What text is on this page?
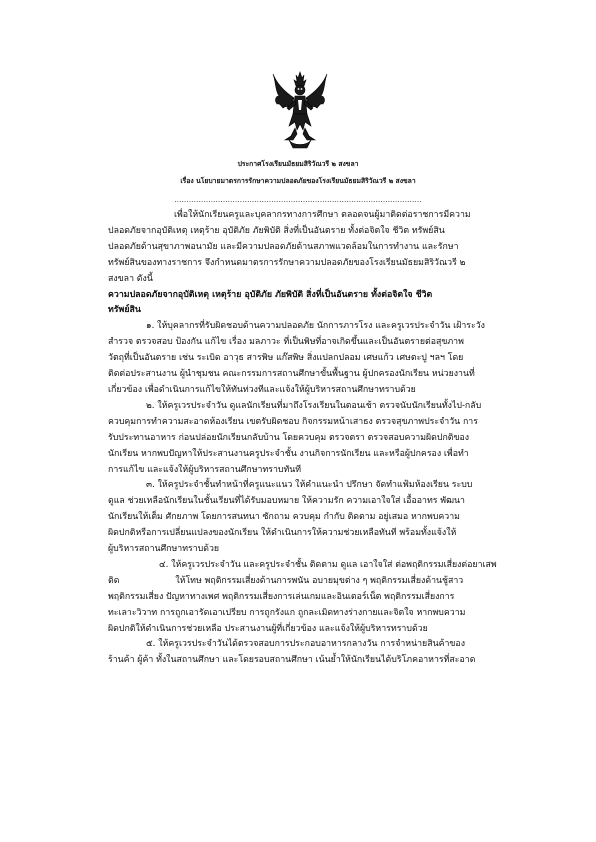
ประกาศโรงเรียนมัธยมสิริวัณวรี ๒ สงขลา
เรื่อง นโยบายมาตรการรักษาความปลอดภัยของโรงเรียนมัธยมสิริวัณวรี ๒ สงขลา
......................................................................................................
เพื่อให้นักเรียนครูและบุคลากรทางการศึกษา ตลอดจนผู้มาติดต่อราชการมีความ
ปลอดภัยจากอุบัติเหตุ เหตุร้าย อุบัติภัย ภัยพิบัติ สิ่งที่เป็นอันตราย ทั้งต่อจิตใจ ชีวิต ทรัพย์สิน
ปลอดภัยด้านสุขาภาพอนามัย และมีความปลอดภัยด้านสภาพแวดล้อมในการทำงาน และรักษา
ทรัพย์สินของทางราชการ จึงกำหนดมาตรการรักษาความปลอดภัยของโรงเรียนมัธยมสิริวัณวรี ๒
สงขลา ดังนี้
ความปลอดภัยจากอุบัติเหตุ เหตุร้าย อุบัติภัย ภัยพิบัติ สิ่งที่เป็นอันตราย ทั้งต่อจิตใจ ชีวิต
ทรัพย์สิน
๑. ให้บุคลากรที่รับผิดชอบด้านความปลอดภัย นักการภารโรง และครูเวรประจำวัน เฝ้าระวัง
สำรวจ ตรวจสอบ ป้องกัน แก้ไข เรื่อง มลภาวะ ที่เป็นพิษที่อาจเกิดขึ้นและเป็นอันตรายต่อสุขภาพ
วัตถุที่เป็นอันตราย เช่น ระเบิด อาวุธ สารพิษ แก๊สพิษ สิ่งแปลกปลอม เศษแก้ว เศษตะปู ฯลฯ โดย
ติดต่อประสานงาน ผู้นำชุมชน คณะกรรมการสถานศึกษาขั้นพื้นฐาน ผู้ปกครองนักเรียน หน่วยงานที่
เกี่ยวข้อง เพื่อดำเนินการแก้ไขให้ทันท่วงทีและแจ้งให้ผู้บริหารสถานศึกษาทราบด้วย
๒. ให้ครูเวรประจำวัน ดูแลนักเรียนที่มาถึงโรงเรียนในตอนเช้า ตรวจนับนักเรียนทั้งไป-กลับ
ควบคุมการทำความสะอาดห้องเรียน เขตรับผิดชอบ กิจกรรมหน้าเสาธง ตรวจสุขภาพประจำวัน การ
รับประทานอาหาร ก่อนปล่อยนักเรียนกลับบ้าน โดยควบคุม ตรวจตรา ตรวจสอบความผิดปกติของ
นักเรียน หากพบปัญหาให้ประสานงานครูประจำชั้น งานกิจการนักเรียน และหรือผู้ปกครอง เพื่อทำ
การแก้ไข และแจ้งให้ผู้บริหารสถานศึกษาทราบทันที
๓. ให้ครูประจำชั้นทำหน้าที่ครูแนะแนว ให้คำแนะนำ ปรึกษา จัดทำแฟ้มห้องเรียน ระบบ
ดูแล ช่วยเหลือนักเรียนในชั้นเรียนที่ได้รับมอบหมาย ให้ความรัก ความเอาใจใส่ เอื้ออาทร พัฒนา
นักเรียนให้เต็ม ศักยภาพ โดยการสนทนา ซักถาม ควบคุม กำกับ ติดตาม อยู่เสมอ หากพบความ
ผิดปกติหรือการเปลี่ยนแปลงของนักเรียน ให้ดำเนินการให้ความช่วยเหลือทันที พร้อมทั้งแจ้งให้
ผู้บริหารสถานศึกษาทราบด้วย
๔. ให้ครูเวรประจำวัน และครูประจำชั้น ติดตาม ดูแล เอาใจใส่ ต่อพฤติกรรมเสี่ยงต่อยาเสพ
ติด                    ให้โทษ พฤติกรรมเสี่ยงด้านการพนัน อบายมุขต่าง ๆ พฤติกรรมเสี่ยงด้านชู้สาว
พฤติกรรมเสี่ยง ปัญหาทางเพศ พฤติกรรมเสี่ยงการเล่นเกมและอินเตอร์เน็ต พฤติกรรมเสี่ยงการ
ทะเลาะวิวาท การถูกเอารัดเอาเปรียบ การถูกรังแก ถูกละเมิดทางร่างกายและจิตใจ หากพบความ
ผิดปกติให้ดำเนินการช่วยเหลือ ประสานงานผู้ที่เกี่ยวข้อง และแจ้งให้ผู้บริหารทราบด้วย
๕. ให้ครูเวรประจำวันได้ตรวจสอบการประกอบอาหารกลางวัน การจำหน่ายสินค้าของ
ร้านค้า ผู้ค้า ทั้งในสถานศึกษา และโดยรอบสถานศึกษา เน้นย้ำให้นักเรียนได้บริโภคอาหารที่สะอาด
